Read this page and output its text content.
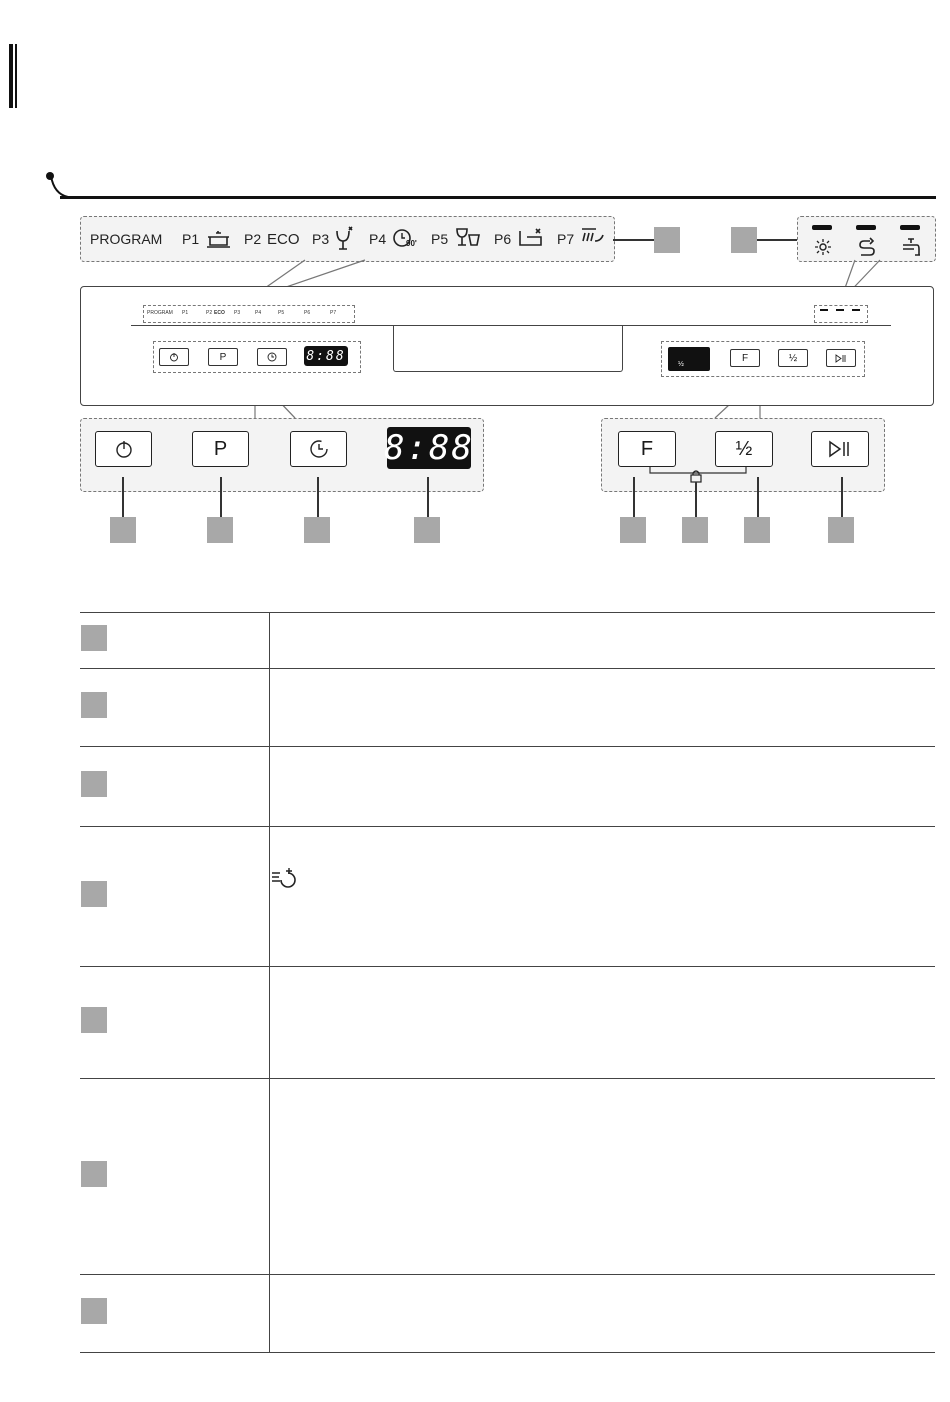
PROGRAM P1	P2 ECO P3	P4 90' P5	P6	P7
PROGRAM P1	P2 ECO P3	P4	P5	P6	P7
P	8:88
½
F	½
P	8:88	F	½
